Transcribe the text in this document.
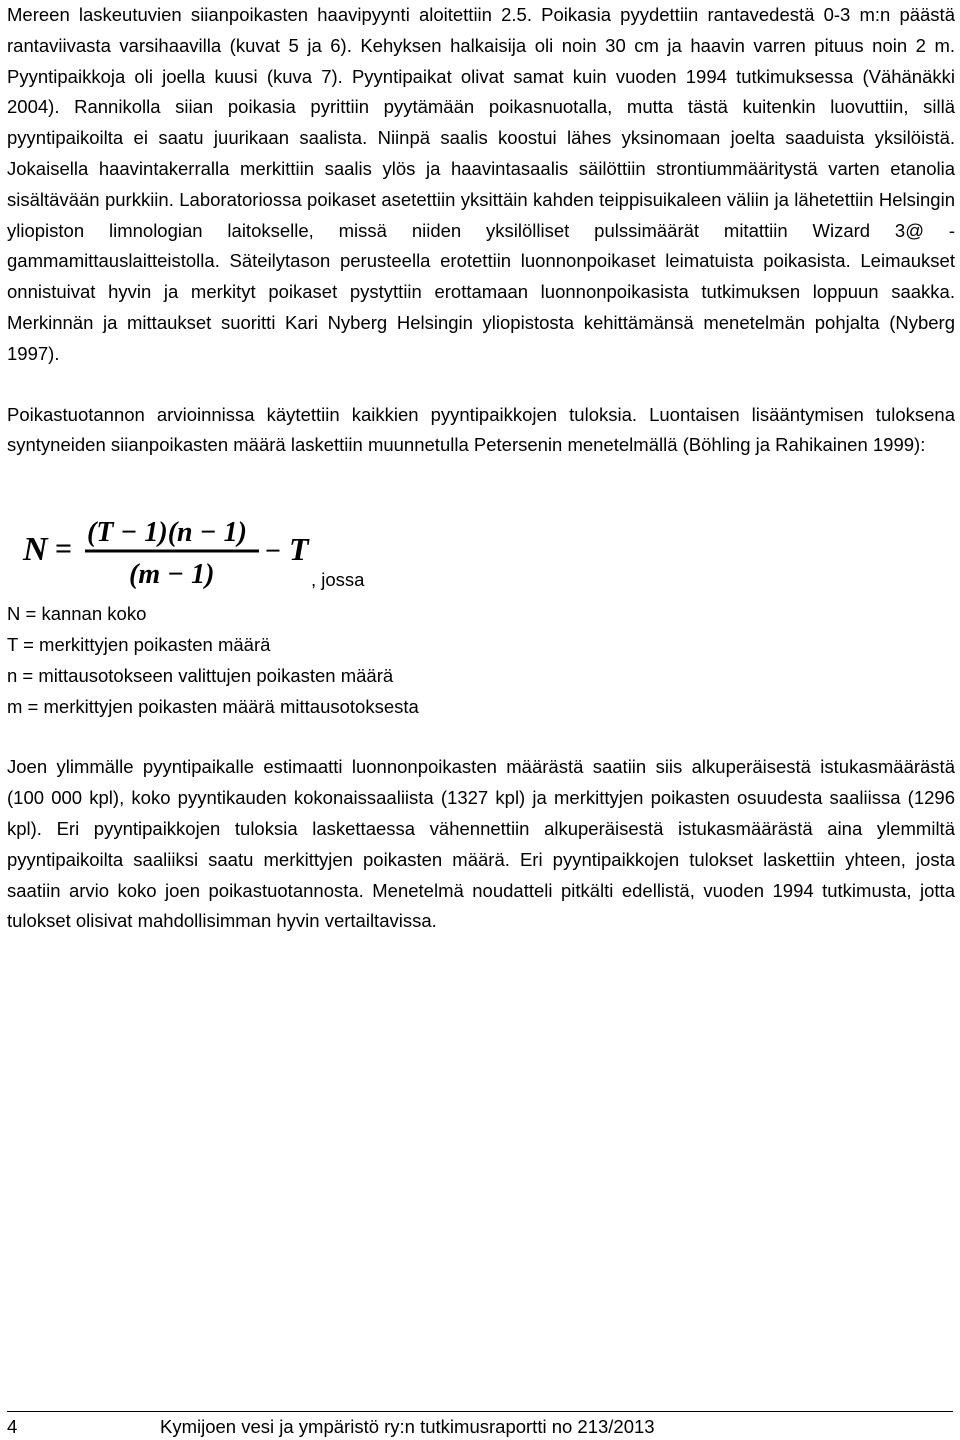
Mereen laskeutuvien siianpoikasten haavipyynti aloitettiin 2.5. Poikasia pyydettiin rantavedestä 0-3 m:n päästä rantaviivasta varsihaavilla (kuvat 5 ja 6). Kehyksen halkaisija oli noin 30 cm ja haavin varren pituus noin 2 m. Pyyntipaikkoja oli joella kuusi (kuva 7). Pyyntipaikat olivat samat kuin vuoden 1994 tutkimuksessa (Vähänäkki 2004). Rannikolla siian poikasia pyrittiin pyytämään poikasnuotalla, mutta tästä kuitenkin luovuttiin, sillä pyyntipaikoilta ei saatu juurikaan saalista. Niinpä saalis koostui lähes yksinomaan joelta saaduista yksilöistä. Jokaisella haavintakerralla merkittiin saalis ylös ja haavintasaalis säilöttiin strontiummääritystä varten etanolia sisältävään purkkiin. Laboratoriossa poikaset asetettiin yksittäin kahden teippisuikaleen väliin ja lähetettiin Helsingin yliopiston limnologian laitokselle, missä niiden yksilölliset pulssimäärät mitattiin Wizard 3@ -gammamittauslaitteistolla. Säteilytason perusteella erotettiin luonnonpoikaset leimatuista poikasista. Leimaukset onnistuivat hyvin ja merkityt poikaset pystyttiin erottamaan luonnonpoikasista tutkimuksen loppuun saakka. Merkinnän ja mittaukset suoritti Kari Nyberg Helsingin yliopistosta kehittämänsä menetelmän pohjalta (Nyberg 1997).

Poikastuotannon arvioinnissa käytettiin kaikkien pyyntipaikkojen tuloksia. Luontaisen lisääntymisen tuloksena syntyneiden siianpoikasten määrä laskettiin muunnetulla Petersenin menetelmällä (Böhling ja Rahikainen 1999):

N = (T − 1)(n − 1)
(m − 1)
− T
, jossa
N = kannan koko
T = merkittyjen poikasten määrä
n = mittausotokseen valittujen poikasten määrä
m = merkittyjen poikasten määrä mittausotoksesta

Joen ylimmälle pyyntipaikalle estimaatti luonnonpoikasten määrästä saatiin siis alkuperäisestä istukasmäärästä (100 000 kpl), koko pyyntikauden kokonaissaaliista (1327 kpl) ja merkittyjen poikasten osuudesta saaliissa (1296 kpl). Eri pyyntipaikkojen tuloksia laskettaessa vähennettiin alkuperäisestä istukasmäärästä aina ylemmiltä pyyntipaikoilta saaliiksi saatu merkittyjen poikasten määrä. Eri pyyntipaikkojen tulokset laskettiin yhteen, josta saatiin arvio koko joen poikastuotannosta. Menetelmä noudatteli pitkälti edellistä, vuoden 1994 tutkimusta, jotta tulokset olisivat mahdollisimman hyvin vertailtavissa.

4	Kymijoen vesi ja ympäristö ry:n tutkimusraportti no 213/2013
